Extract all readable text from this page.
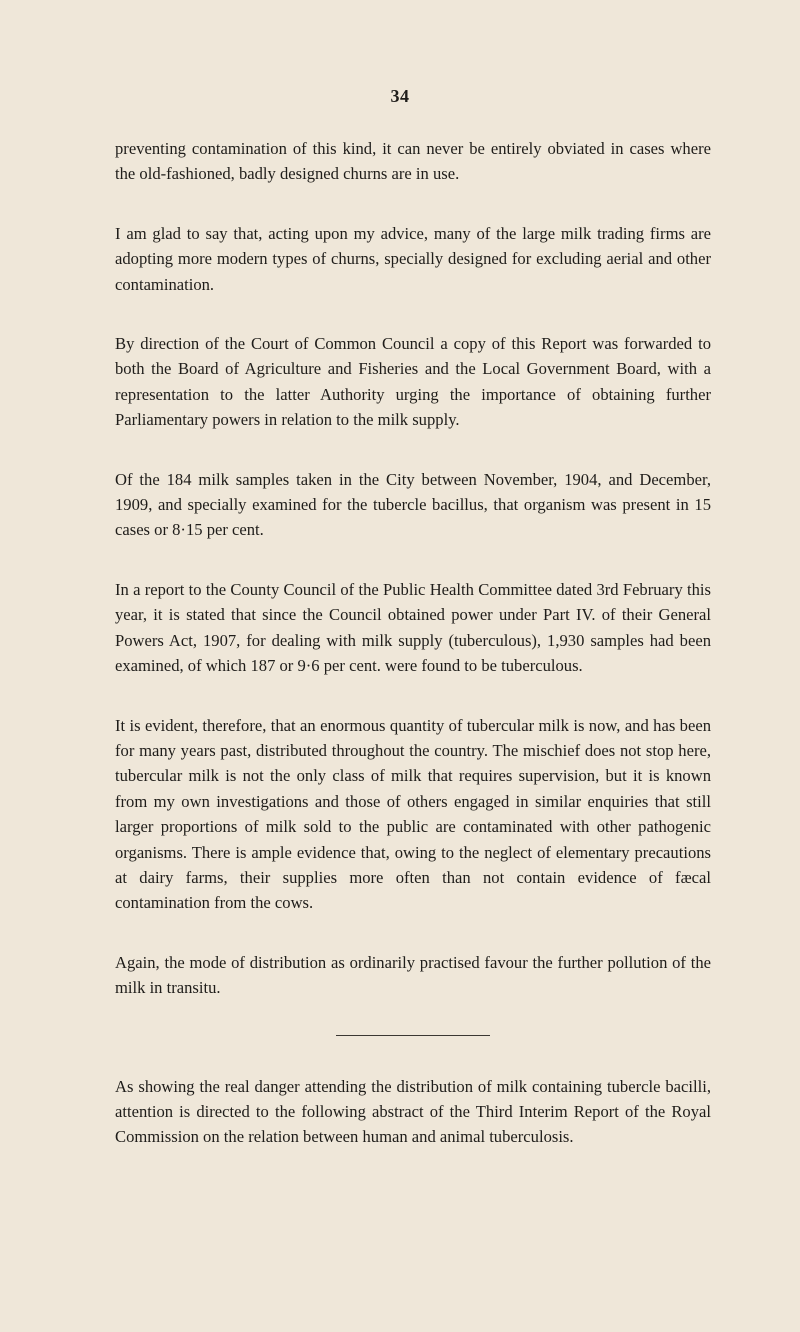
34

preventing contamination of this kind, it can never be entirely obviated in cases where the old-fashioned, badly designed churns are in use.

I am glad to say that, acting upon my advice, many of the large milk trading firms are adopting more modern types of churns, specially designed for excluding aerial and other contamination.

By direction of the Court of Common Council a copy of this Report was forwarded to both the Board of Agriculture and Fisheries and the Local Government Board, with a representation to the latter Authority urging the importance of obtaining further Parliamentary powers in relation to the milk supply.

Of the 184 milk samples taken in the City between November, 1904, and December, 1909, and specially examined for the tubercle bacillus, that organism was present in 15 cases or 8·15 per cent.

In a report to the County Council of the Public Health Committee dated 3rd February this year, it is stated that since the Council obtained power under Part IV. of their General Powers Act, 1907, for dealing with milk supply (tuberculous), 1,930 samples had been examined, of which 187 or 9·6 per cent. were found to be tuberculous.

It is evident, therefore, that an enormous quantity of tubercular milk is now, and has been for many years past, distributed throughout the country. The mischief does not stop here, tubercular milk is not the only class of milk that requires supervision, but it is known from my own investigations and those of others engaged in similar enquiries that still larger proportions of milk sold to the public are contaminated with other pathogenic organisms. There is ample evidence that, owing to the neglect of elementary precautions at dairy farms, their supplies more often than not contain evidence of fæcal contamination from the cows.

Again, the mode of distribution as ordinarily practised favour the further pollution of the milk in transitu.

As showing the real danger attending the distribution of milk containing tubercle bacilli, attention is directed to the following abstract of the Third Interim Report of the Royal Commission on the relation between human and animal tuberculosis.
